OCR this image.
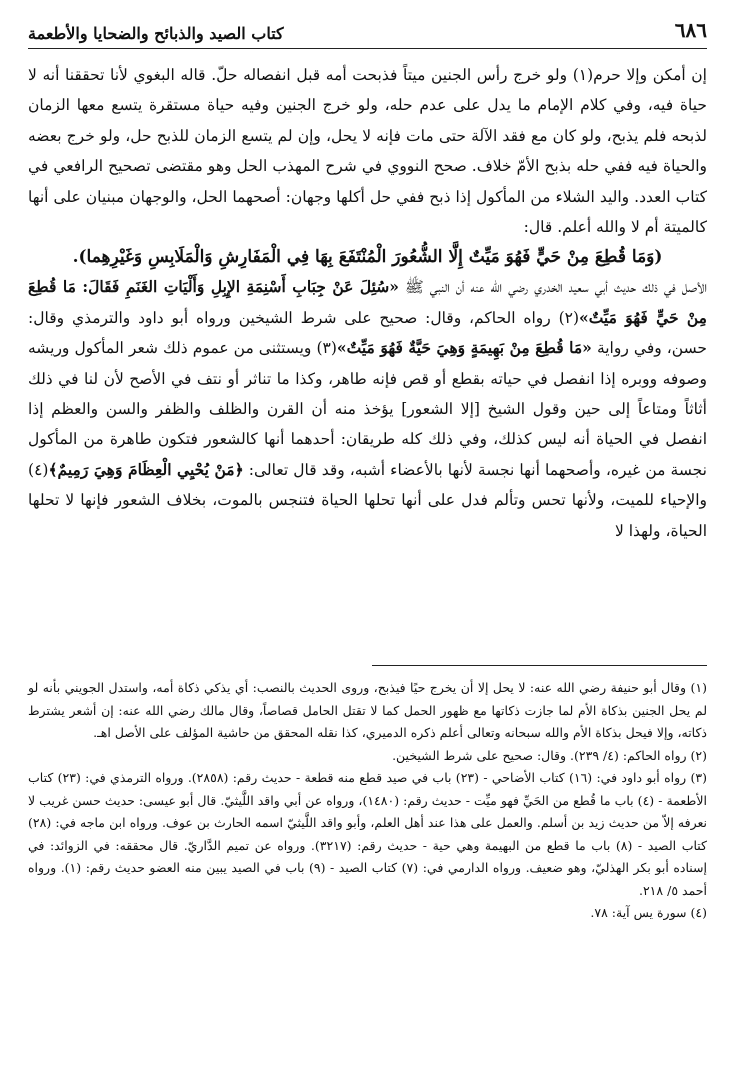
٦٨٦
كتاب الصيد والذبائح والضحايا والأطعمة

إن أمكن وإلا حرم(١) ولو خرج رأس الجنين ميتاً فذبحت أمه قبل انفصاله حلّ. قاله البغوي لأنا تحققنا أنه لا حياة فيه، وفي كلام الإمام ما يدل على عدم حله، ولو خرج الجنين وفيه حياة مستقرة يتسع معها الزمان لذبحه فلم يذبح، ولو كان مع فقد الآلة حتى مات فإنه لا يحل، وإن لم يتسع الزمان للذبح حل، ولو خرج بعضه والحياة فيه ففي حله بذبح الأمّ خلاف. صحح النووي في شرح المهذب الحل وهو مقتضى تصحيح الرافعي في كتاب العدد. واليد الشلاء من المأكول إذا ذبح ففي حل أكلها وجهان: أصحهما الحل، والوجهان مبنيان على أنها كالميتة أم لا والله أعلم. قال:

(وَمَا قُطِعَ مِنْ حَيٍّ فَهُوَ مَيِّتٌ إِلَّا الشُّعُورَ الْمُنْتَفَعَ بِهَا فِي الْمَفَارِشِ وَالْمَلَابِسِ وَغَيْرِهِما).

الأصل في ذلك حديث أبي سعيد الخدري رضي الله عنه أن النبي ﷺ «سُئِلَ عَنْ جِبَابِ أَسْنِمَةِ الإِبِلِ وَأَلْيَاتِ الغَنَمِ فَقَالَ: مَا قُطِعَ مِنْ حَيٍّ فَهُوَ مَيِّتٌ»(٢) رواه الحاكم، وقال: صحيح على شرط الشيخين ورواه أبو داود والترمذي وقال: حسن، وفي رواية «مَا قُطِعَ مِنْ بَهِيمَةٍ وَهِيَ حَيَّةٌ فَهُوَ مَيِّتٌ»(٣) ويستثنى من عموم ذلك شعر المأكول وريشه وصوفه ووبره إذا انفصل في حياته بقطع أو قص فإنه طاهر، وكذا ما تناثر أو نتف في الأصح لأن لنا في ذلك أثاثاً ومتاعاً إلى حين وقول الشيخ [إلا الشعور] يؤخذ منه أن القرن والظلف والظفر والسن والعظم إذا انفصل في الحياة أنه ليس كذلك، وفي ذلك كله طريقان: أحدهما أنها كالشعور فتكون طاهرة من المأكول نجسة من غيره، وأصحهما أنها نجسة لأنها بالأعضاء أشبه، وقد قال تعالى: ﴿مَنْ يُحْيِي الْعِظَامَ وَهِيَ رَمِيمٌ﴾(٤) والإحياء للميت، ولأنها تحس وتألم فدل على أنها تحلها الحياة فتنجس بالموت، بخلاف الشعور فإنها لا تحلها الحياة، ولهذا لا

(١) وقال أبو حنيفة رضي الله عنه: لا يحل إلا أن يخرج حيًا فيذبح، وروى الحديث بالنصب: أي يذكي ذكاة أمه، واستدل الجويني بأنه لو لم يحل الجنين بذكاة الأم لما جازت ذكاتها مع ظهور الحمل كما لا تقتل الحامل قصاصاً، وقال مالك رضي الله عنه: إن أشعر يشترط ذكاته، وإلا فيحل بذكاة الأم والله سبحانه وتعالى أعلم ذكره الدميري، كذا نقله المحقق من حاشية المؤلف على الأصل اهـ.

(٢) رواه الحاكم: (٤/ ٢٣٩). وقال: صحيح على شرط الشيخين.

(٣) رواه أبو داود في: (١٦) كتاب الأضاحي - (٢٣) باب في صيد قطع منه قطعة - حديث رقم: (٢٨٥٨). ورواه الترمذي في: (٢٣) كتاب الأطعمة - (٤) باب ما قُطع من الحَيِّ فهو ميِّت - حديث رقم: (١٤٨٠)، ورواه عن أبي واقد اللَّيثيّ. قال أبو عيسى: حديث حسن غريب لا نعرفه إلاّ من حديث زيد بن أسلم. والعمل على هذا عند أهل العلم، وأبو واقد اللَّيثيّ اسمه الحارث بن عوف. ورواه ابن ماجه في: (٢٨) كتاب الصيد - (٨) باب ما قطع من البهيمة وهي حية - حديث رقم: (٣٢١٧). ورواه عن تميم الدَّاريّ. قال محققه: في الزوائد: في إسناده أبو بكر الهذليّ، وهو ضعيف. ورواه الدارمي في: (٧) كتاب الصيد - (٩) باب في الصيد يبين منه العضو حديث رقم: (١). ورواه أحمد ٥/ ٢١٨.

(٤) سورة يس آية: ٧٨.
